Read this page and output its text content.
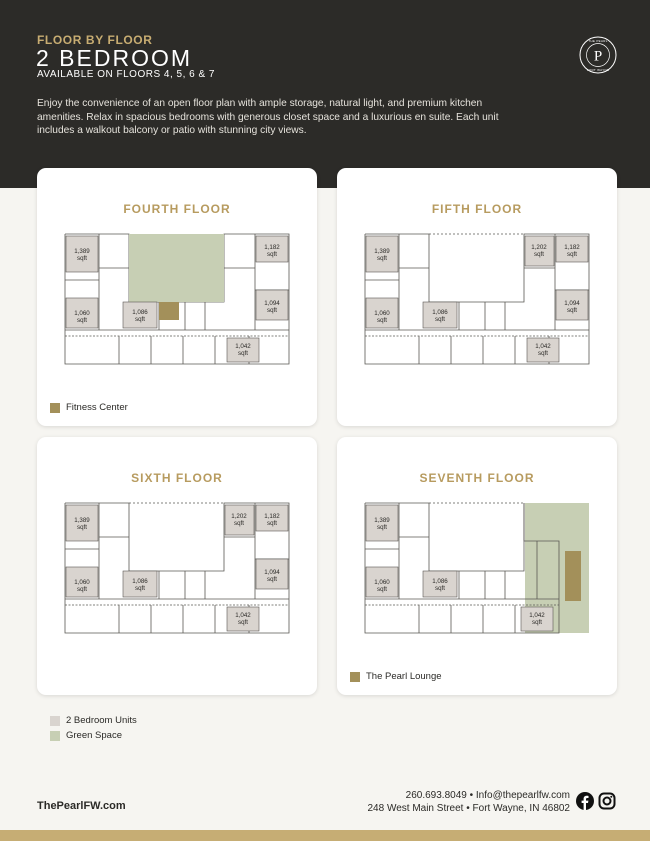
FLOOR BY FLOOR
2 BEDROOM
AVAILABLE ON FLOORS 4, 5, 6 & 7
Enjoy the convenience of an open floor plan with ample storage, natural light, and premium kitchen amenities. Relax in spacious bedrooms with generous closet space and a luxurious en suite. Each unit includes a walkout balcony or patio with stunning city views.
P
THE PEARL
FORT WAYNE
FOURTH FLOOR
1,389
sqft
1,060
sqft
1,086
sqft
1,042
sqft
1,094
sqft
1,182
sqft
Fitness Center
FIFTH FLOOR
1,389
sqft
1,060
sqft
1,086
sqft
1,042
sqft
1,094
sqft
1,182
sqft
1,202
sqft
SIXTH FLOOR
1,389
sqft
1,060
sqft
1,086
sqft
1,042
sqft
1,094
sqft
1,182
sqft
1,202
sqft
SEVENTH FLOOR
1,389
sqft
1,060
sqft
1,086
sqft
1,042
sqft
The Pearl Lounge
2 Bedroom Units
Green Space
ThePearlFW.com
260.693.8049 • Info@thepearlfw.com
248 West Main Street • Fort Wayne, IN 46802
